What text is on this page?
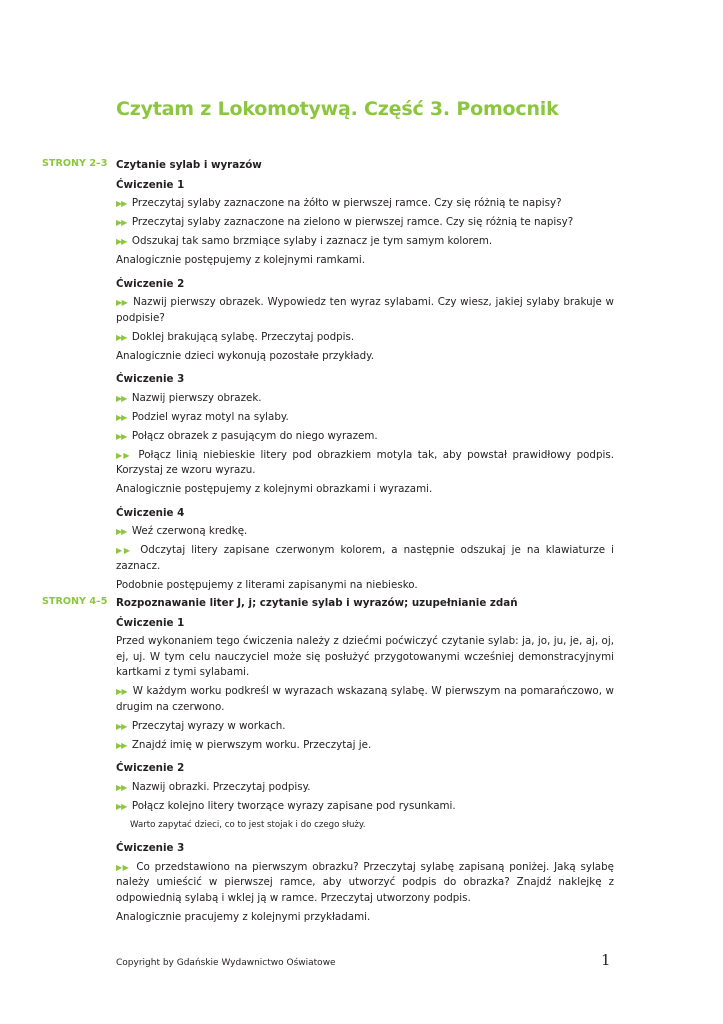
Czytam z Lokomotywą. Część 3. Pomocnik
STRONY 2–3 Czytanie sylab i wyrazów
Ćwiczenie 1
▶▶ Przeczytaj sylaby zaznaczone na żółto w pierwszej ramce. Czy się różnią te napisy?
▶▶ Przeczytaj sylaby zaznaczone na zielono w pierwszej ramce. Czy się różnią te napisy?
▶▶ Odszukaj tak samo brzmiące sylaby i zaznacz je tym samym kolorem.
Analogicznie postępujemy z kolejnymi ramkami.
Ćwiczenie 2
▶▶ Nazwij pierwszy obrazek. Wypowiedz ten wyraz sylabami. Czy wiesz, jakiej sylaby brakuje w podpisie?
▶▶ Doklej brakującą sylabę. Przeczytaj podpis.
Analogicznie dzieci wykonują pozostałe przykłady.
Ćwiczenie 3
▶▶ Nazwij pierwszy obrazek.
▶▶ Podziel wyraz motyl na sylaby.
▶▶ Połącz obrazek z pasującym do niego wyrazem.
▶▶ Połącz linią niebieskie litery pod obrazkiem motyla tak, aby powstał prawidłowy podpis. Korzystaj ze wzoru wyrazu.
Analogicznie postępujemy z kolejnymi obrazkami i wyrazami.
Ćwiczenie 4
▶▶ Weź czerwoną kredkę.
▶▶ Odczytaj litery zapisane czerwonym kolorem, a następnie odszukaj je na klawiaturze i zaznacz.
Podobnie postępujemy z literami zapisanymi na niebiesko.
STRONY 4–5 Rozpoznawanie liter J, j; czytanie sylab i wyrazów; uzupełnianie zdań
Ćwiczenie 1
Przed wykonaniem tego ćwiczenia należy z dziećmi poćwiczyć czytanie sylab: ja, jo, ju, je, aj, oj, ej, uj. W tym celu nauczyciel może się posłużyć przygotowanymi wcześniej demonstracyjnymi kartkami z tymi sylabami.
▶▶ W każdym worku podkreśl w wyrazach wskazaną sylabę. W pierwszym na pomarańczowo, w drugim na czerwono.
▶▶ Przeczytaj wyrazy w workach.
▶▶ Znajdź imię w pierwszym worku. Przeczytaj je.
Ćwiczenie 2
▶▶ Nazwij obrazki. Przeczytaj podpisy.
▶▶ Połącz kolejno litery tworzące wyrazy zapisane pod rysunkami.
Warto zapytać dzieci, co to jest stojak i do czego służy.
Ćwiczenie 3
▶▶ Co przedstawiono na pierwszym obrazku? Przeczytaj sylabę zapisaną poniżej. Jaką sylabę należy umieścić w pierwszej ramce, aby utworzyć podpis do obrazka? Znajdź naklejkę z odpowiednią sylabą i wklej ją w ramce. Przeczytaj utworzony podpis.
Analogicznie pracujemy z kolejnymi przykładami.
Copyright by Gdańskie Wydawnictwo Oświatowe	1
